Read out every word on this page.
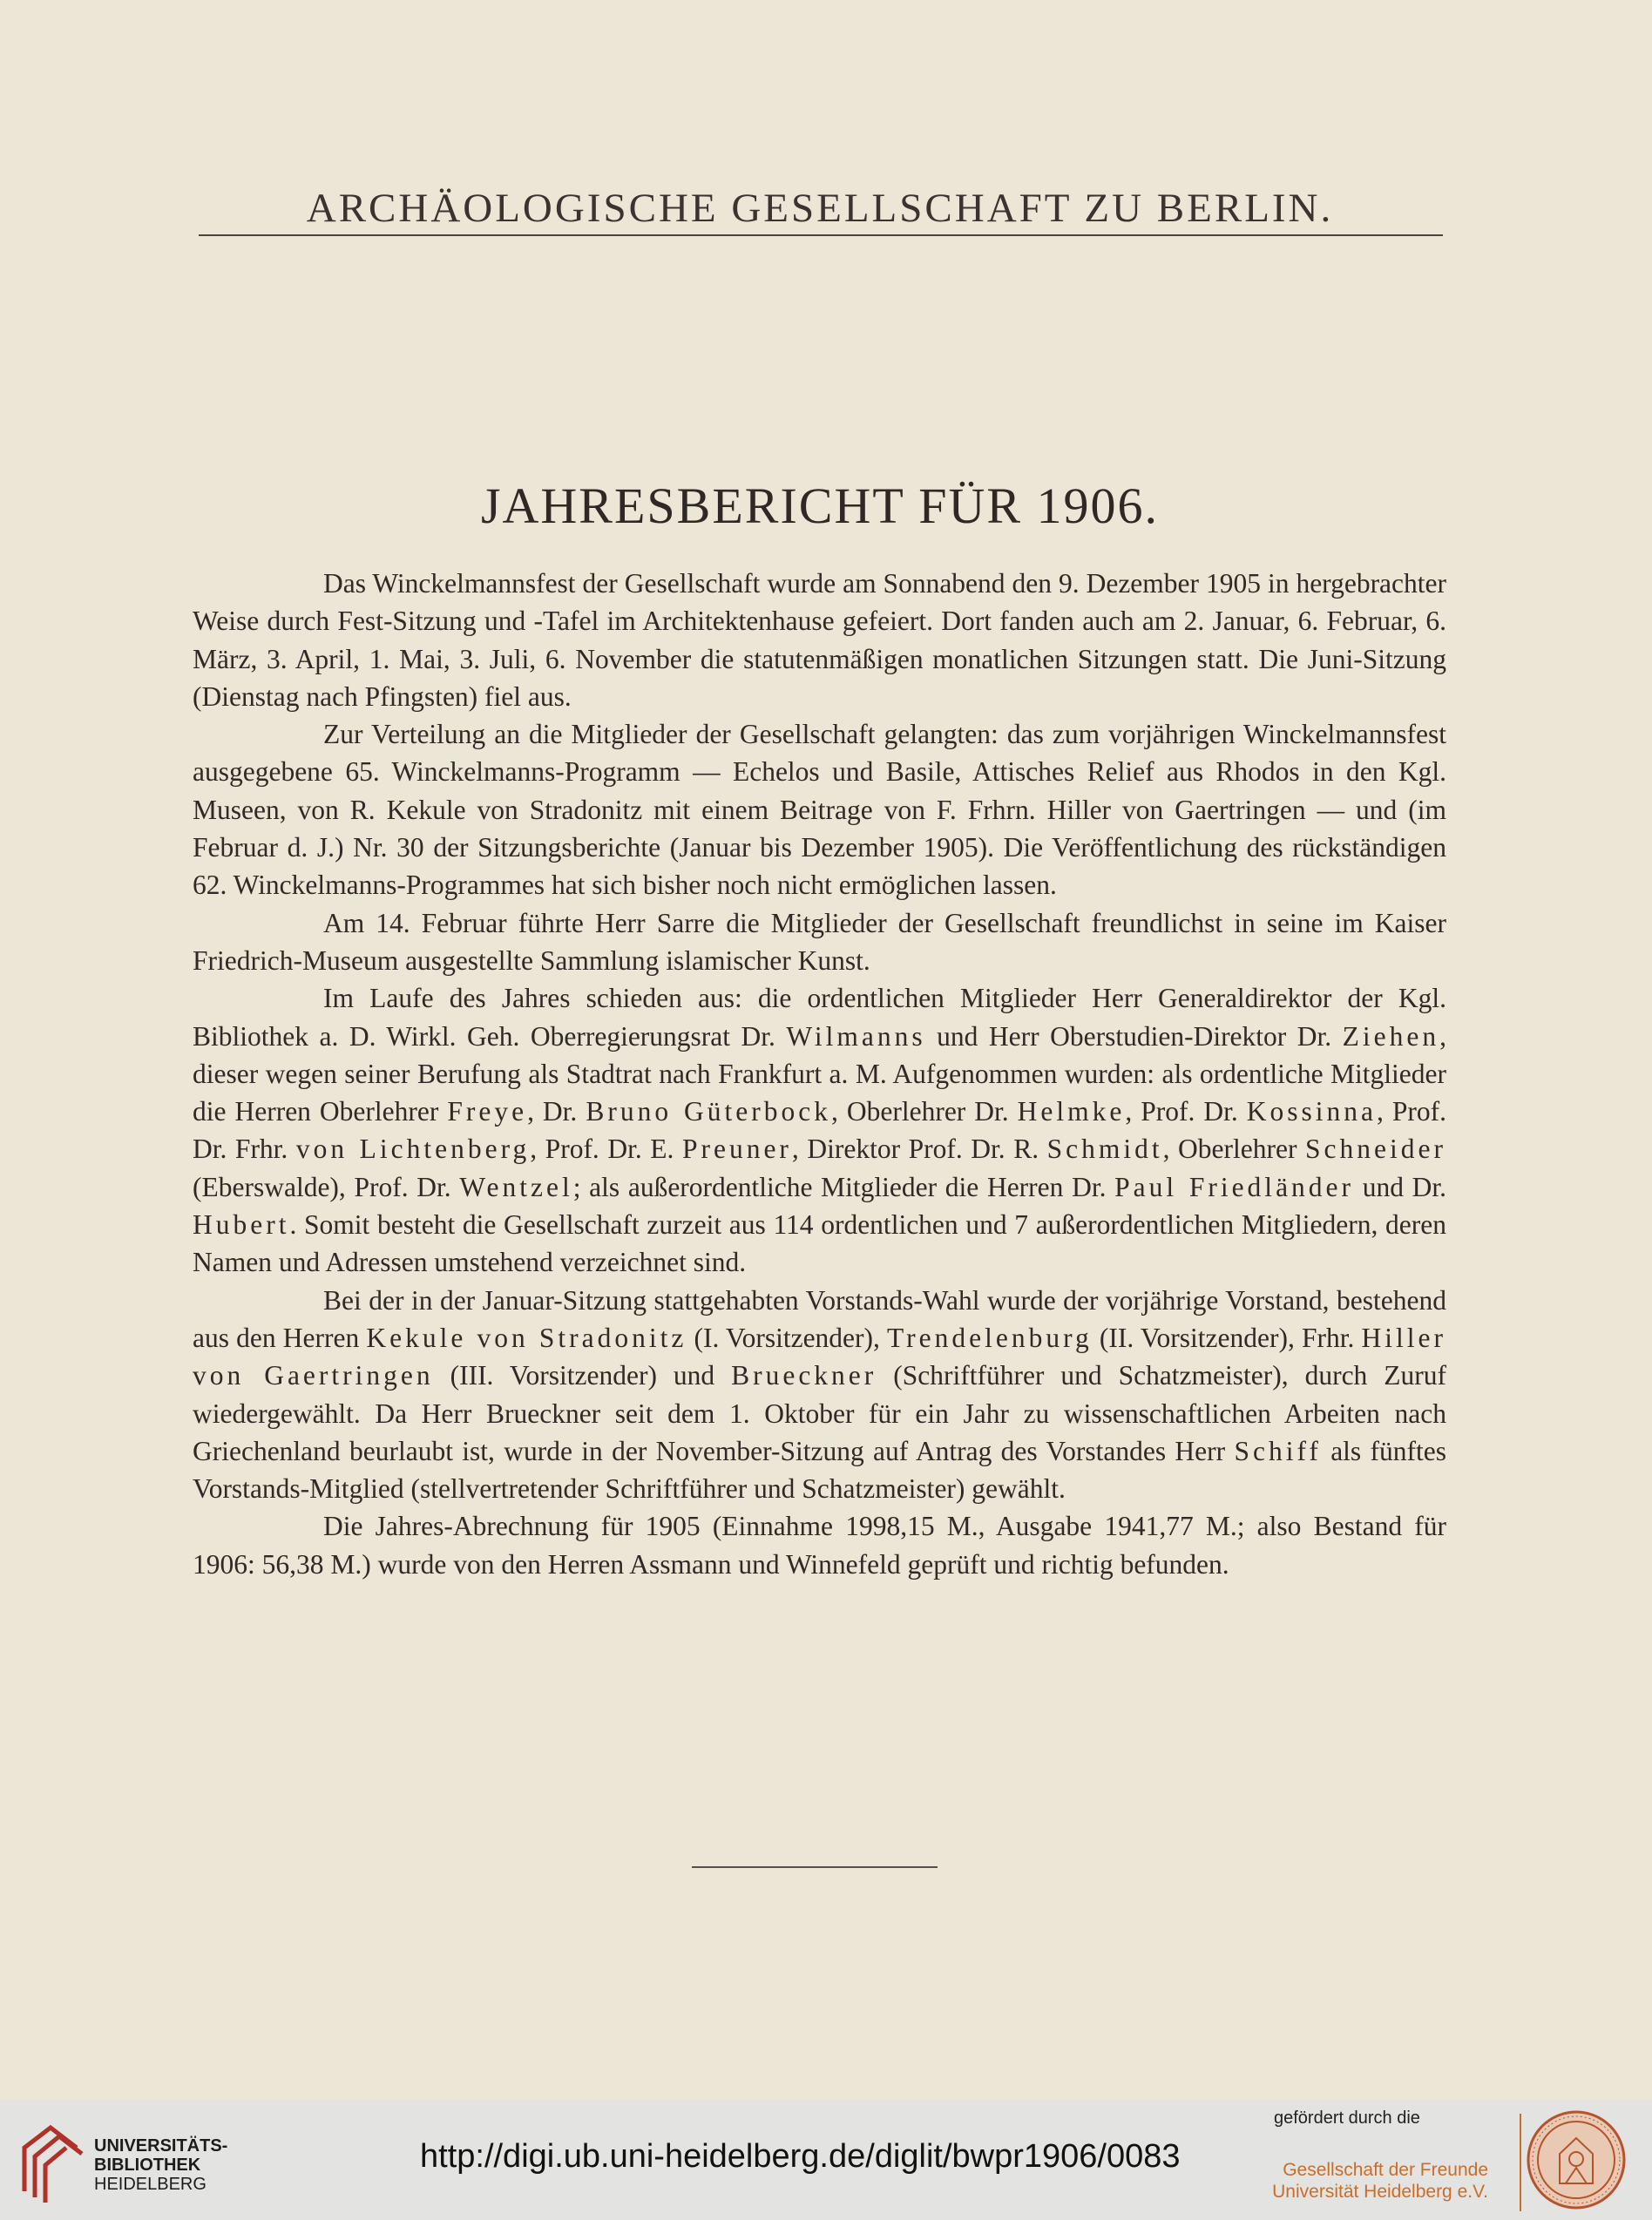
ARCHÄOLOGISCHE GESELLSCHAFT ZU BERLIN.
JAHRESBERICHT FÜR 1906.

Das Winckelmannsfest der Gesellschaft wurde am Sonnabend den 9. Dezember 1905 in hergebrachter Weise durch Fest-Sitzung und -Tafel im Architektenhause gefeiert. Dort fanden auch am 2. Januar, 6. Februar, 6. März, 3. April, 1. Mai, 3. Juli, 6. November die statutenmäßigen monatlichen Sitzungen statt. Die Juni-Sitzung (Dienstag nach Pfingsten) fiel aus.

Zur Verteilung an die Mitglieder der Gesellschaft gelangten: das zum vorjährigen Winckelmannsfest ausgegebene 65. Winckelmanns-Programm — Echelos und Basile, Attisches Relief aus Rhodos in den Kgl. Museen, von R. Kekule von Stradonitz mit einem Beitrage von F. Frhrn. Hiller von Gaertringen — und (im Februar d. J.) Nr. 30 der Sitzungsberichte (Januar bis Dezember 1905). Die Veröffentlichung des rückständigen 62. Winckelmanns-Programmes hat sich bisher noch nicht ermöglichen lassen.

Am 14. Februar führte Herr Sarre die Mitglieder der Gesellschaft freundlichst in seine im Kaiser Friedrich-Museum ausgestellte Sammlung islamischer Kunst.

Im Laufe des Jahres schieden aus: die ordentlichen Mitglieder Herr Generaldirektor der Kgl. Bibliothek a. D. Wirkl. Geh. Oberregierungsrat Dr. Wilmanns und Herr Oberstudien-Direktor Dr. Ziehen, dieser wegen seiner Berufung als Stadtrat nach Frankfurt a. M. Aufgenommen wurden: als ordentliche Mitglieder die Herren Oberlehrer Freye, Dr. Bruno Güterbock, Oberlehrer Dr. Helmke, Prof. Dr. Kossinna, Prof. Dr. Frhr. von Lichtenberg, Prof. Dr. E. Preuner, Direktor Prof. Dr. R. Schmidt, Oberlehrer Schneider (Eberswalde), Prof. Dr. Wentzel; als außerordentliche Mitglieder die Herren Dr. Paul Friedländer und Dr. Hubert. Somit besteht die Gesellschaft zurzeit aus 114 ordentlichen und 7 außerordentlichen Mitgliedern, deren Namen und Adressen umstehend verzeichnet sind.

Bei der in der Januar-Sitzung stattgehabten Vorstands-Wahl wurde der vorjährige Vorstand, bestehend aus den Herren Kekule von Stradonitz (I. Vorsitzender), Trendelenburg (II. Vorsitzender), Frhr. Hiller von Gaertringen (III. Vorsitzender) und Brueckner (Schriftführer und Schatzmeister), durch Zuruf wiedergewählt. Da Herr Brueckner seit dem 1. Oktober für ein Jahr zu wissenschaftlichen Arbeiten nach Griechenland beurlaubt ist, wurde in der November-Sitzung auf Antrag des Vorstandes Herr Schiff als fünftes Vorstands-Mitglied (stellvertretender Schriftführer und Schatzmeister) gewählt.

Die Jahres-Abrechnung für 1905 (Einnahme 1998,15 M., Ausgabe 1941,77 M.; also Bestand für 1906: 56,38 M.) wurde von den Herren Assmann und Winnefeld geprüft und richtig befunden.

UNIVERSITÄTS-
BIBLIOTHEK
HEIDELBERG
http://digi.ub.uni-heidelberg.de/diglit/bwpr1906/0083
gefördert durch die
Gesellschaft der Freunde
Universität Heidelberg e.V.
